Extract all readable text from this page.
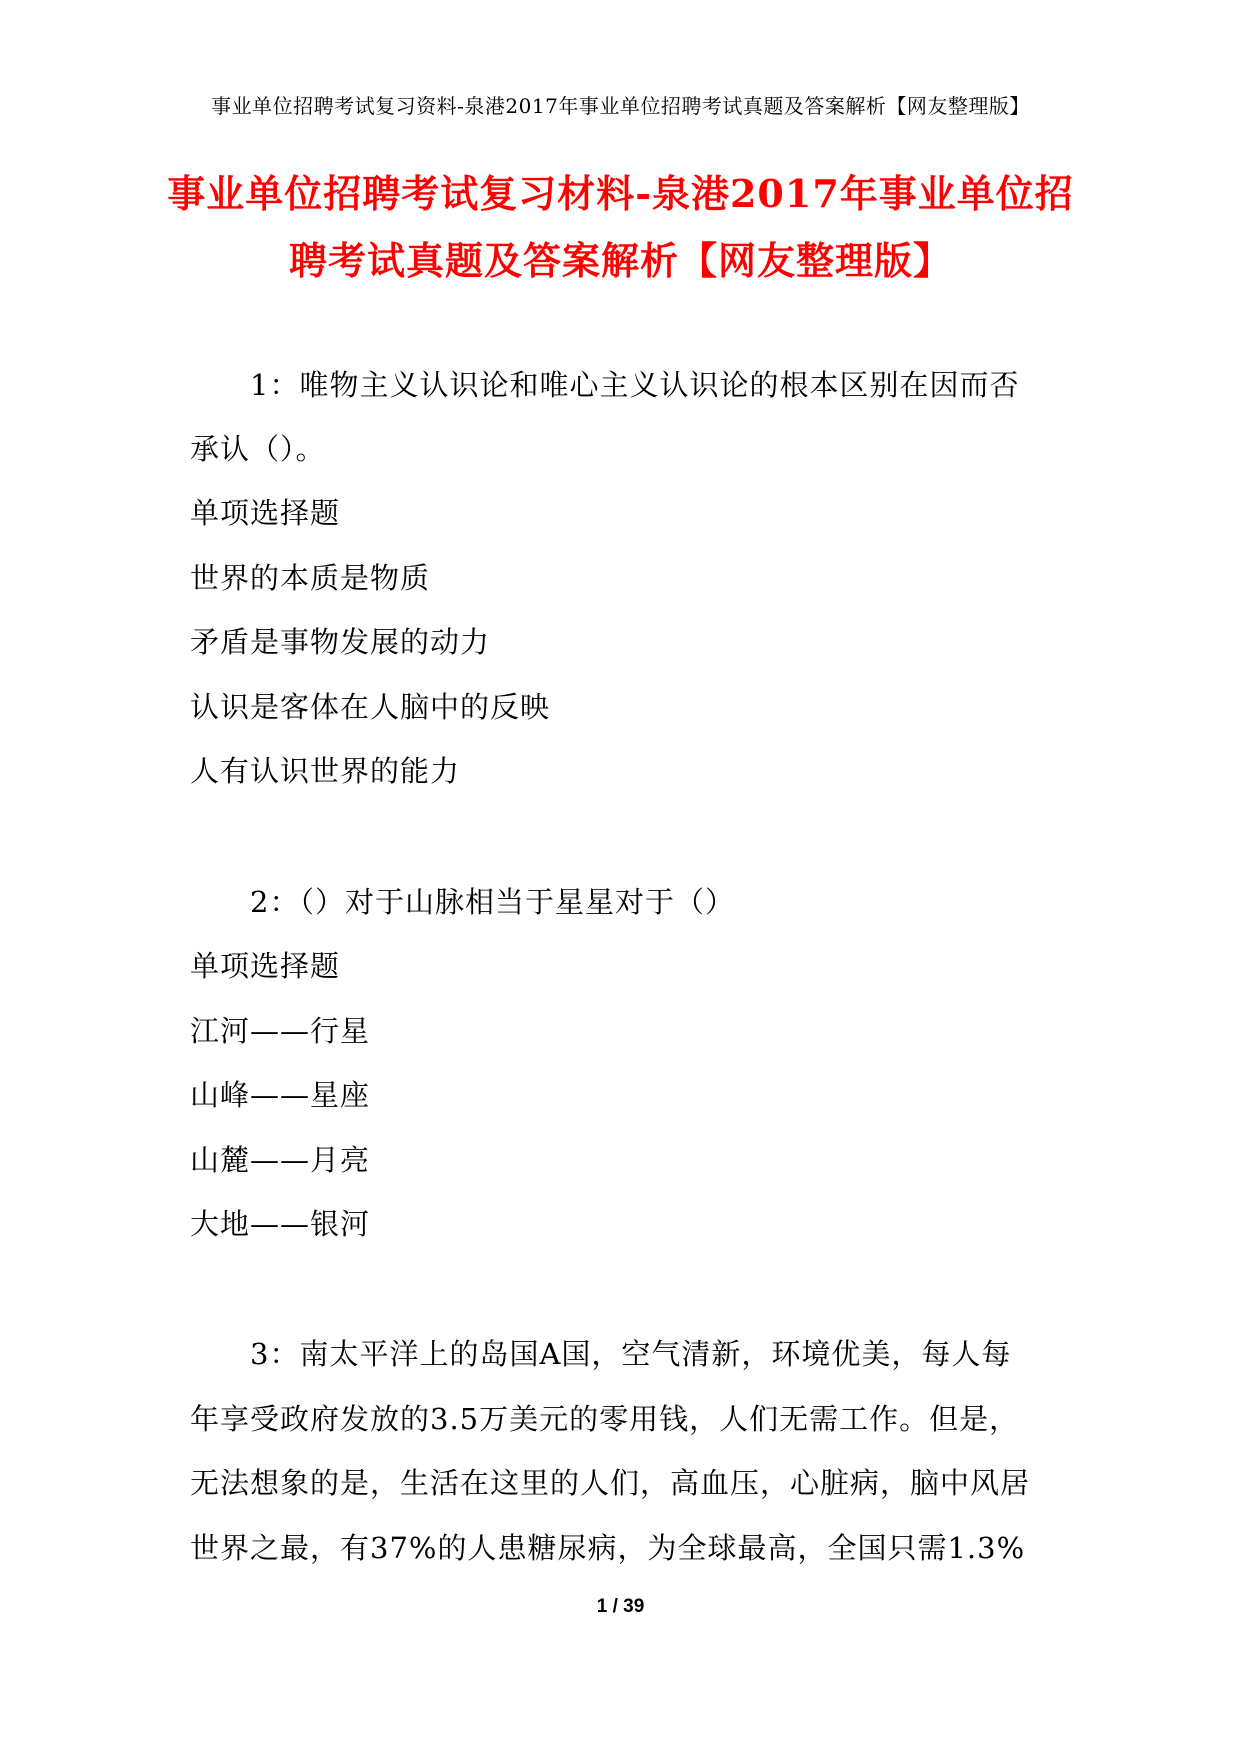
事业单位招聘考试复习资料-泉港2017年事业单位招聘考试真题及答案解析【网友整理版】
事业单位招聘考试复习材料-泉港2017年事业单位招
聘考试真题及答案解析【网友整理版】
1：唯物主义认识论和唯心主义认识论的根本区别在因而否
承认（）。
单项选择题
世界的本质是物质
矛盾是事物发展的动力
认识是客体在人脑中的反映
人有认识世界的能力
2：（）对于山脉相当于星星对于（）
单项选择题
江河——行星
山峰——星座
山麓——月亮
大地——银河
3：南太平洋上的岛国A国，空气清新，环境优美，每人每
年享受政府发放的3.5万美元的零用钱，人们无需工作。但是，
无法想象的是，生活在这里的人们，高血压，心脏病，脑中风居
世界之最，有37%的人患糖尿病，为全球最高，全国只需1.3%
1 / 39
